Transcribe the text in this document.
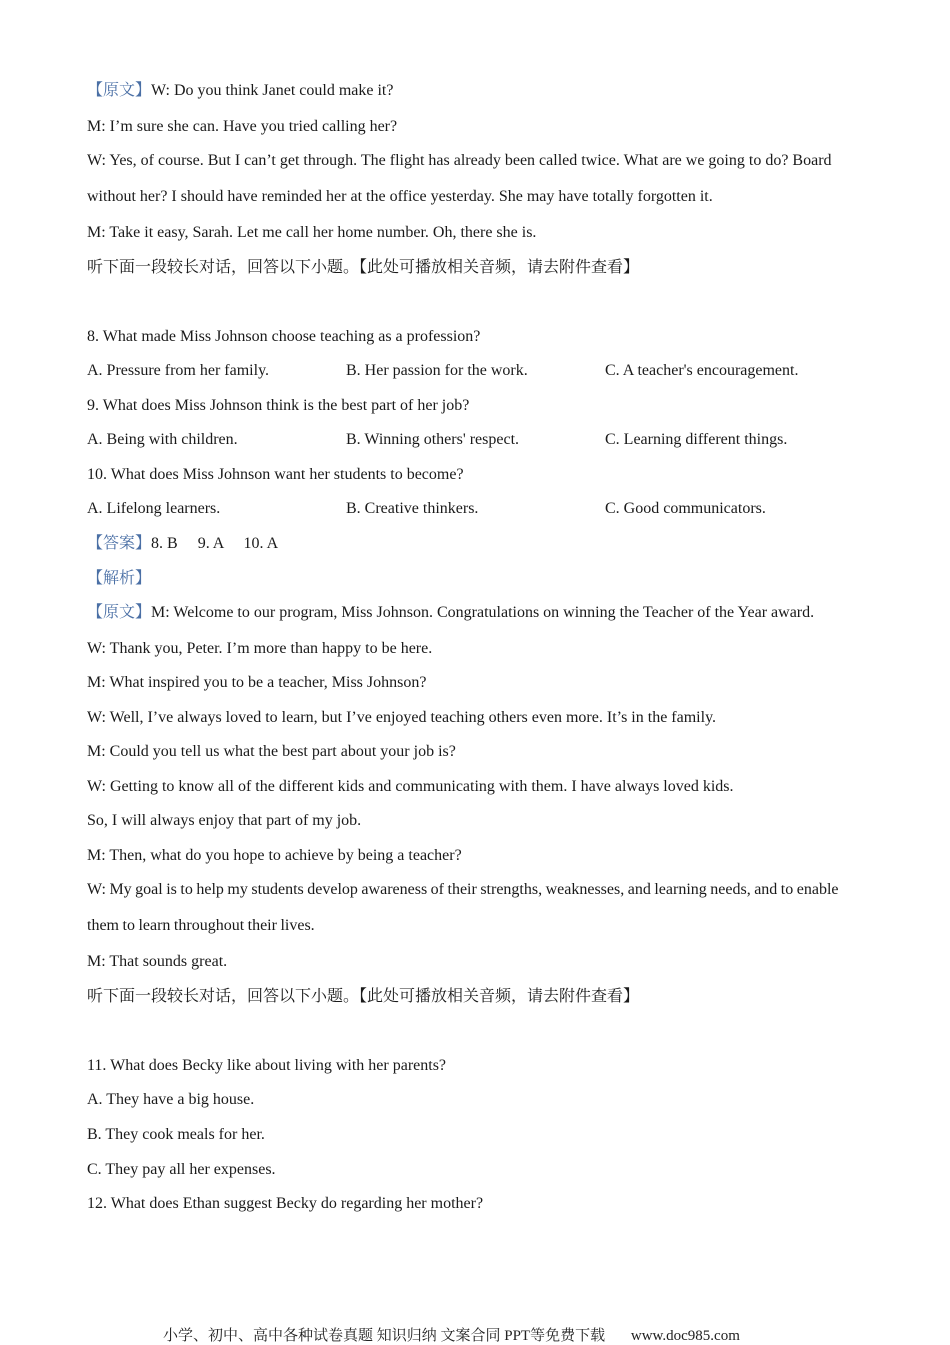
【原文】W: Do you think Janet could make it?
M: I’m sure she can. Have you tried calling her?
W: Yes, of course. But I can’t get through. The flight has already been called twice. What are we going to do? Board without her? I should have reminded her at the office yesterday. She may have totally forgotten it.
M: Take it easy, Sarah. Let me call her home number. Oh, there she is.
听下面一段较长对话，回答以下小题。【此处可播放相关音频，请去附件查看】
8. What made Miss Johnson choose teaching as a profession?
A. Pressure from her family.	B. Her passion for the work.	C. A teacher's encouragement.
9. What does Miss Johnson think is the best part of her job?
A. Being with children.	B. Winning others' respect.	C. Learning different things.
10. What does Miss Johnson want her students to become?
A. Lifelong learners.	B. Creative thinkers.	C. Good communicators.
【答案】8. B　 9. A　 10. A
【解析】
【原文】M: Welcome to our program, Miss Johnson. Congratulations on winning the Teacher of the Year award.
W: Thank you, Peter. I’m more than happy to be here.
M: What inspired you to be a teacher, Miss Johnson?
W: Well, I’ve always loved to learn, but I’ve enjoyed teaching others even more. It’s in the family.
M: Could you tell us what the best part about your job is?
W: Getting to know all of the different kids and communicating with them. I have always loved kids.
So, I will always enjoy that part of my job.
M: Then, what do you hope to achieve by being a teacher?
W: My goal is to help my students develop awareness of their strengths, weaknesses, and learning needs, and to enable them to learn throughout their lives.
M: That sounds great.
听下面一段较长对话，回答以下小题。【此处可播放相关音频，请去附件查看】
11. What does Becky like about living with her parents?
A. They have a big house.
B. They cook meals for her.
C. They pay all her expenses.
12. What does Ethan suggest Becky do regarding her mother?
小学、初中、高中各种试卷真题 知识归纳 文案合同 PPT等免费下载 www.doc985.com
